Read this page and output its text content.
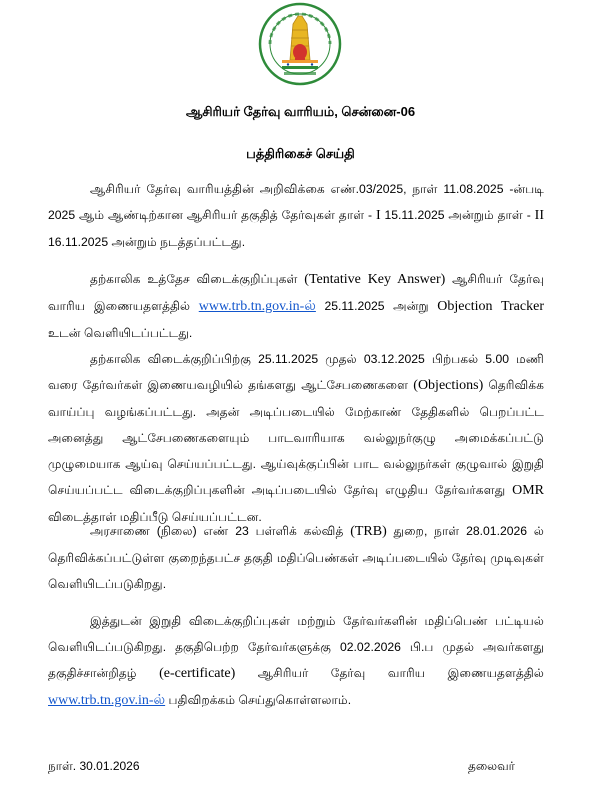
ஆசிரியர் தேர்வு வாரியம், சென்னை-06
பத்திரிகைச் செய்தி
ஆசிரியர் தேர்வு வாரியத்தின் அறிவிக்கை எண்.03/2025, நாள் 11.08.2025 -ன்படி 2025 ஆம் ஆண்டிற்கான ஆசிரியர் தகுதித் தேர்வுகள் தாள் - I 15.11.2025 அன்றும் தாள் - II 16.11.2025 அன்றும் நடத்தப்பட்டது.
தற்காலிக உத்தேச விடைக்குறிப்புகள் (Tentative Key Answer) ஆசிரியர் தேர்வு வாரிய இணையதளத்தில் www.trb.tn.gov.in-ல் 25.11.2025 அன்று Objection Tracker உடன் வெளியிடப்பட்டது.
தற்காலிக விடைக்குறிப்பிற்கு 25.11.2025 முதல் 03.12.2025 பிற்பகல் 5.00 மணி வரை தேர்வர்கள் இணையவழியில் தங்களது ஆட்சேபணைகளை (Objections) தெரிவிக்க வாய்ப்பு வழங்கப்பட்டது. அதன் அடிப்படையில் மேற்காண் தேதிகளில் பெறப்பட்ட அனைத்து ஆட்சேபணைகளையும் பாடவாரியாக வல்லுநர்குழு அமைக்கப்பட்டு முழுமையாக ஆய்வு செய்யப்பட்டது. ஆய்வுக்குப்பின் பாட வல்லுநர்கள் குழுவால் இறுதி செய்யப்பட்ட விடைக்குறிப்புகளின் அடிப்படையில் தேர்வு எழுதிய தேர்வர்களது OMR விடைத்தாள் மதிப்பீடு செய்யப்பட்டன.
அரசாணை (நிலை) எண் 23 பள்ளிக் கல்வித் (TRB) துறை, நாள் 28.01.2026 ல் தெரிவிக்கப்பட்டுள்ள குறைந்தபட்ச தகுதி மதிப்பெண்கள் அடிப்படையில் தேர்வு முடிவுகள் வெளியிடப்படுகிறது.
இத்துடன் இறுதி விடைக்குறிப்புகள் மற்றும் தேர்வர்களின் மதிப்பெண் பட்டியல் வெளியிடப்படுகிறது. தகுதிபெற்ற தேர்வர்களுக்கு 02.02.2026 பி.ப முதல் அவர்களது தகுதிச்சான்றிதழ் (e-certificate) ஆசிரியர் தேர்வு வாரிய இணையதளத்தில் www.trb.tn.gov.in-ல் பதிவிறக்கம் செய்துகொள்ளலாம்.
நாள். 30.01.2026	தலைவர்
